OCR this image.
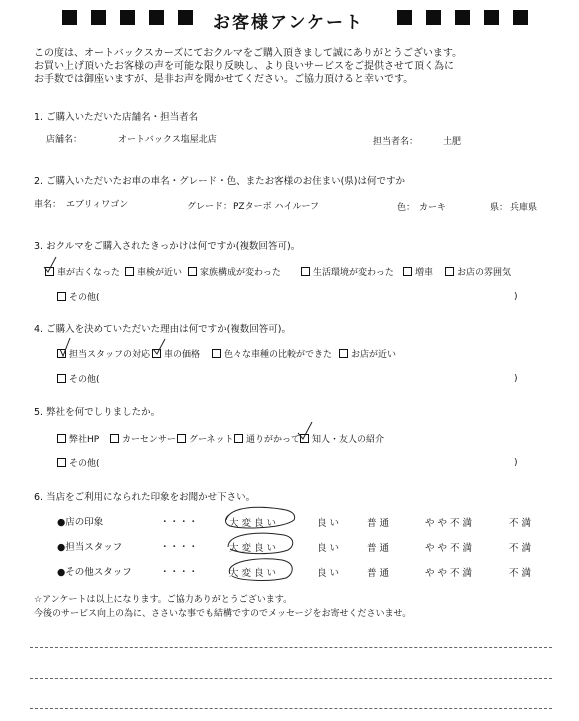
お客様アンケート
この度は、オートバックスカーズにておクルマをご購入頂きまして誠にありがとうございます。
お買い上げ頂いたお客様の声を可能な限り反映し、より良いサービスをご提供させて頂く為に
お手数では御座いますが、是非お声を聞かせてください。ご協力頂けると幸いです。
1. ご購入いただいた店舗名・担当者名
店舗名：	オートバックス塩屋北店	担当者名：	土肥
2. ご購入いただいたお車の車名・グレード・色、またお客様のお住まい(県)は何ですか
車名： エブリィワゴン	グレード： PZターボ ハイルーフ	色： カーキ	県： 兵庫県
3. おクルマをご購入されたきっかけは何ですか(複数回答可)。
車が古くなった	車検が近い	家族構成が変わった	生活環境が変わった	増車	お店の雰囲気
その他(	)
4. ご購入を決めていただいた理由は何ですか(複数回答可)。
担当スタッフの対応	車の価格	色々な車種の比較ができた	お店が近い
その他(	)
5. 弊社を何でしりましたか。
弊社HP	カーセンサー	グーネット	通りがかって	知人・友人の紹介
その他(	)
6. 当店をご利用になられた印象をお聞かせ下さい。
●店の印象	・・・・	大 変 良 い	良 い	普 通	や や 不 満	不 満
●担当スタッフ	・・・・	大 変 良 い	良 い	普 通	や や 不 満	不 満
●その他スタッフ	・・・・	大 変 良 い	良 い	普 通	や や 不 満	不 満
☆アンケートは以上になります。ご協力ありがとうございます。
今後のサービス向上の為に、ささいな事でも結構ですのでメッセージをお寄せくださいませ。
